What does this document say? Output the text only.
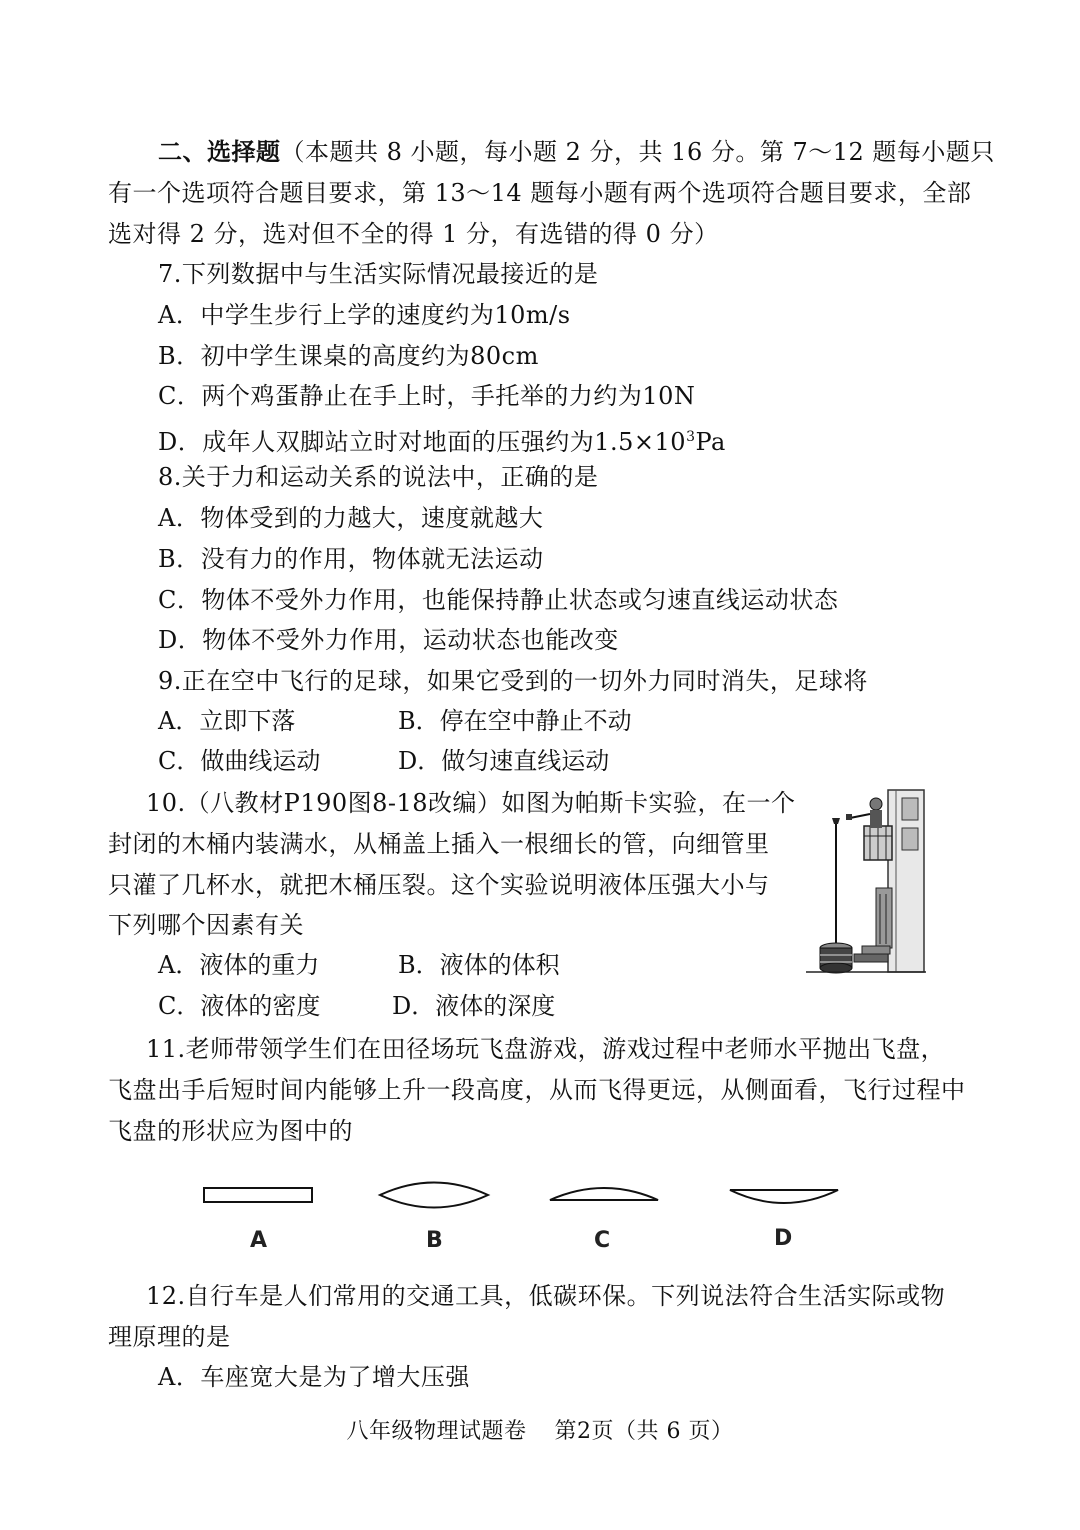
二、选择题（本题共 8 小题，每小题 2 分，共 16 分。第 7～12 题每小题只
有一个选项符合题目要求，第 13～14 题每小题有两个选项符合题目要求，全部
选对得 2 分，选对但不全的得 1 分，有选错的得 0 分）
7.下列数据中与生活实际情况最接近的是
A．中学生步行上学的速度约为10m/s
B．初中学生课桌的高度约为80cm
C．两个鸡蛋静止在手上时，手托举的力约为10N
D．成年人双脚站立时对地面的压强约为$1.5\times 10^3Pa$
8.关于力和运动关系的说法中，正确的是
A．物体受到的力越大，速度就越大
B．没有力的作用，物体就无法运动
C．物体不受外力作用，也能保持静止状态或匀速直线运动状态
D．物体不受外力作用，运动状态也能改变
9.正在空中飞行的足球，如果它受到的一切外力同时消失，足球将
A．立即下落	B．停在空中静止不动
C．做曲线运动	D．做匀速直线运动
10.（八教材P190图8-18改编）如图为帕斯卡实验，在一个
封闭的木桶内装满水，从桶盖上插入一根细长的管，向细管里
只灌了几杯水，就把木桶压裂。这个实验说明液体压强大小与
下列哪个因素有关
A．液体的重力	B．液体的体积
C．液体的密度	D．液体的深度
11.老师带领学生们在田径场玩飞盘游戏，游戏过程中老师水平抛出飞盘，
飞盘出手后短时间内能够上升一段高度，从而飞得更远，从侧面看，飞行过程中
飞盘的形状应为图中的
A	B	C	D
12.自行车是人们常用的交通工具，低碳环保。下列说法符合生活实际或物
理原理的是
A．车座宽大是为了增大压强
八年级物理试题卷 第2页（共 6 页）
